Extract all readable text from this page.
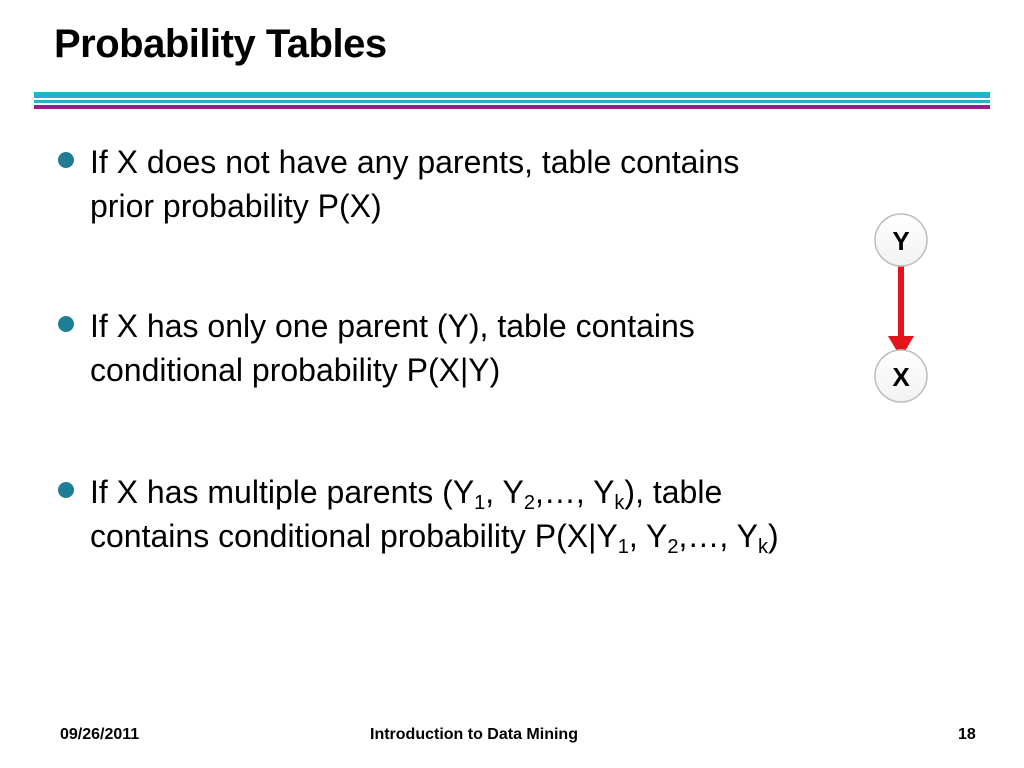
Probability Tables
If X does not have any parents, table contains
prior probability P(X)
If X has only one parent (Y), table contains
conditional probability P(X|Y)
If X has multiple parents ($Y_1$, $Y_2,\dots$, $Y_k$), table
contains conditional probability $P(X|Y_1$, $Y_2,\dots$, $Y_k$)
Y
X
09/26/2011	Introduction to Data Mining	18
